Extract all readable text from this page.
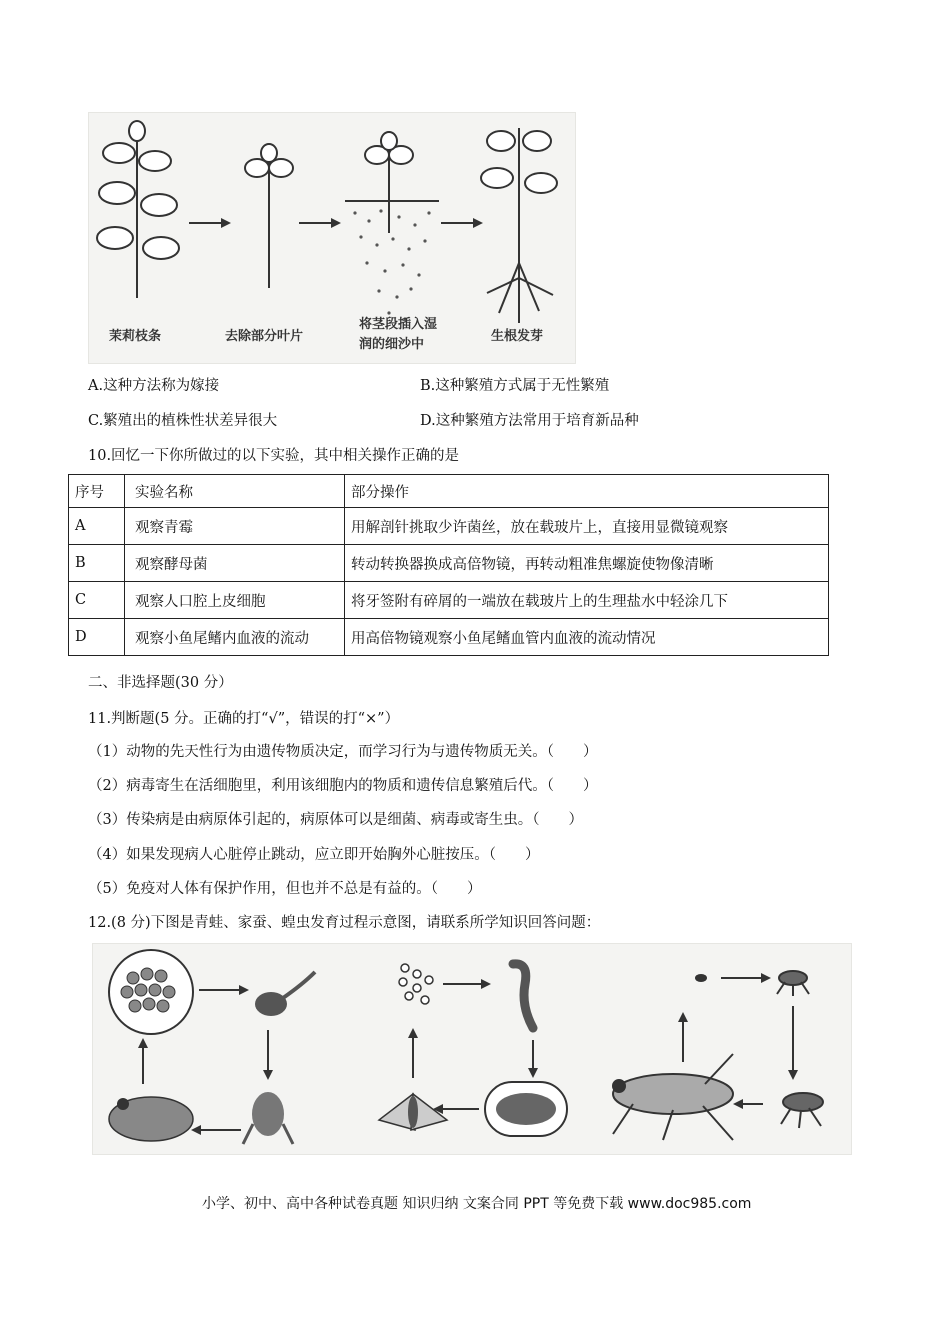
茉莉枝条	去除部分叶片
将茎段插入湿
润的细沙中
生根发芽
A.这种方法称为嫁接	B.这种繁殖方式属于无性繁殖
C.繁殖出的植株性状差异很大	D.这种繁殖方法常用于培育新品种
10.回忆一下你所做过的以下实验，其中相关操作正确的是
序号	实验名称	部分操作
A	观察青霉	用解剖针挑取少许菌丝，放在载玻片上，直接用显微镜观察
B	观察酵母菌	转动转换器换成高倍物镜，再转动粗准焦螺旋使物像清晰
C	观察人口腔上皮细胞	将牙签附有碎屑的一端放在载玻片上的生理盐水中轻涂几下
D	观察小鱼尾鳍内血液的流动	用高倍物镜观察小鱼尾鳍血管内血液的流动情况
二、非选择题(30 分）
11.判断题(5 分。正确的打“√”，错误的打“×”）
（1）动物的先天性行为由遗传物质决定，而学习行为与遗传物质无关。（　　）
（2）病毒寄生在活细胞里，利用该细胞内的物质和遗传信息繁殖后代。（　　）
（3）传染病是由病原体引起的，病原体可以是细菌、病毒或寄生虫。（　　）
（4）如果发现病人心脏停止跳动，应立即开始胸外心脏按压。（　　）
（5）免疫对人体有保护作用，但也并不总是有益的。（　　）
12.(8 分)下图是青蛙、家蚕、蝗虫发育过程示意图，请联系所学知识回答问题：
小学、初中、高中各种试卷真题 知识归纳 文案合同 PPT 等免费下载 www.doc985.com
